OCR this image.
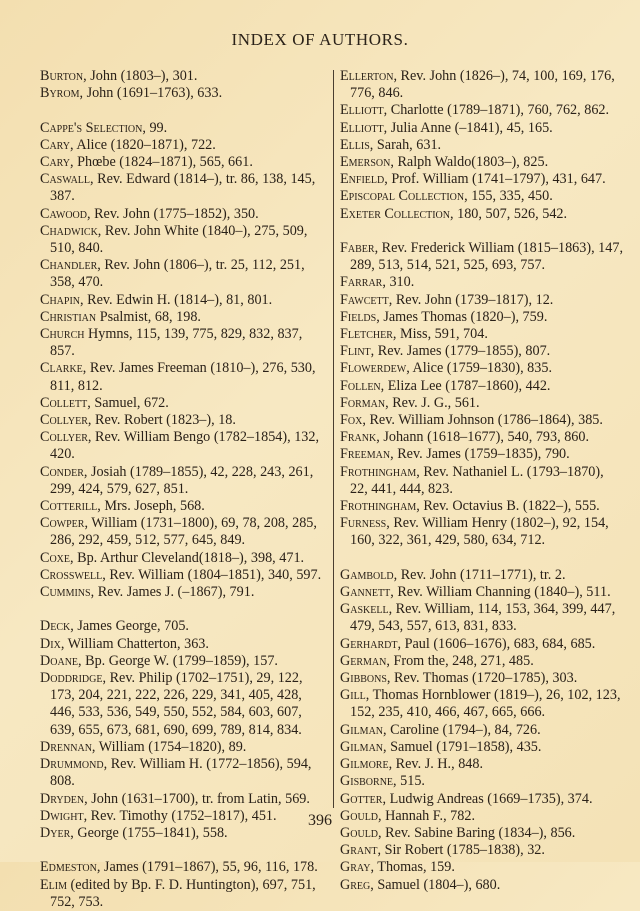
INDEX OF AUTHORS.

Burton, John (1803–), 301.

Byrom, John (1691–1763), 633.

Cappe's Selection, 99.

Cary, Alice (1820–1871), 722.

Cary, Phœbe (1824–1871), 565, 661.

Caswall, Rev. Edward (1814–), tr. 86, 138, 145, 387.

Cawood, Rev. John (1775–1852), 350.

Chadwick, Rev. John White (1840–), 275, 509, 510, 840.

Chandler, Rev. John (1806–), tr. 25, 112, 251, 358, 470.

Chapin, Rev. Edwin H. (1814–), 81, 801.

Christian Psalmist, 68, 198.

Church Hymns, 115, 139, 775, 829, 832, 837, 857.

Clarke, Rev. James Freeman (1810–), 276, 530, 811, 812.

Collett, Samuel, 672.

Collyer, Rev. Robert (1823–), 18.

Collyer, Rev. William Bengo (1782–1854), 132, 420.

Conder, Josiah (1789–1855), 42, 228, 243, 261, 299, 424, 579, 627, 851.

Cotterill, Mrs. Joseph, 568.

Cowper, William (1731–1800), 69, 78, 208, 285, 286, 292, 459, 512, 577, 645, 849.

Coxe, Bp. Arthur Cleveland(1818–), 398, 471.

Crosswell, Rev. William (1804–1851), 340, 597.

Cummins, Rev. James J. (–1867), 791.

Deck, James George, 705.

Dix, William Chatterton, 363.

Doane, Bp. George W. (1799–1859), 157.

Doddridge, Rev. Philip (1702–1751), 29, 122, 173, 204, 221, 222, 226, 229, 341, 405, 428, 446, 533, 536, 549, 550, 552, 584, 603, 607, 639, 655, 673, 681, 690, 699, 789, 814, 834.

Drennan, William (1754–1820), 89.

Drummond, Rev. William H. (1772–1856), 594, 808.

Dryden, John (1631–1700), tr. from Latin, 569.

Dwight, Rev. Timothy (1752–1817), 451.

Dyer, George (1755–1841), 558.

Edmeston, James (1791–1867), 55, 96, 116, 178.

Elim (edited by Bp. F. D. Huntington), 697, 751, 752, 753.

Ellerton, Rev. John (1826–), 74, 100, 169, 176, 776, 846.

Elliott, Charlotte (1789–1871), 760, 762, 862.

Elliott, Julia Anne (–1841), 45, 165.

Ellis, Sarah, 631.

Emerson, Ralph Waldo(1803–), 825.

Enfield, Prof. William (1741–1797), 431, 647.

Episcopal Collection, 155, 335, 450.

Exeter Collection, 180, 507, 526, 542.

Faber, Rev. Frederick William (1815–1863), 147, 289, 513, 514, 521, 525, 693, 757.

Farrar, 310.

Fawcett, Rev. John (1739–1817), 12.

Fields, James Thomas (1820–), 759.

Fletcher, Miss, 591, 704.

Flint, Rev. James (1779–1855), 807.

Flowerdew, Alice (1759–1830), 835.

Follen, Eliza Lee (1787–1860), 442.

Forman, Rev. J. G., 561.

Fox, Rev. William Johnson (1786–1864), 385.

Frank, Johann (1618–1677), 540, 793, 860.

Freeman, Rev. James (1759–1835), 790.

Frothingham, Rev. Nathaniel L. (1793–1870), 22, 441, 444, 823.

Frothingham, Rev. Octavius B. (1822–), 555.

Furness, Rev. William Henry (1802–), 92, 154, 160, 322, 361, 429, 580, 634, 712.

Gambold, Rev. John (1711–1771), tr. 2.

Gannett, Rev. William Channing (1840–), 511.

Gaskell, Rev. William, 114, 153, 364, 399, 447, 479, 543, 557, 613, 831, 833.

Gerhardt, Paul (1606–1676), 683, 684, 685.

German, From the, 248, 271, 485.

Gibbons, Rev. Thomas (1720–1785), 303.

Gill, Thomas Hornblower (1819–), 26, 102, 123, 152, 235, 410, 466, 467, 665, 666.

Gilman, Caroline (1794–), 84, 726.

Gilman, Samuel (1791–1858), 435.

Gilmore, Rev. J. H., 848.

Gisborne, 515.

Gotter, Ludwig Andreas (1669–1735), 374.

Gould, Hannah F., 782.

Gould, Rev. Sabine Baring (1834–), 856.

Grant, Sir Robert (1785–1838), 32.

Gray, Thomas, 159.

Greg, Samuel (1804–), 680.

396
